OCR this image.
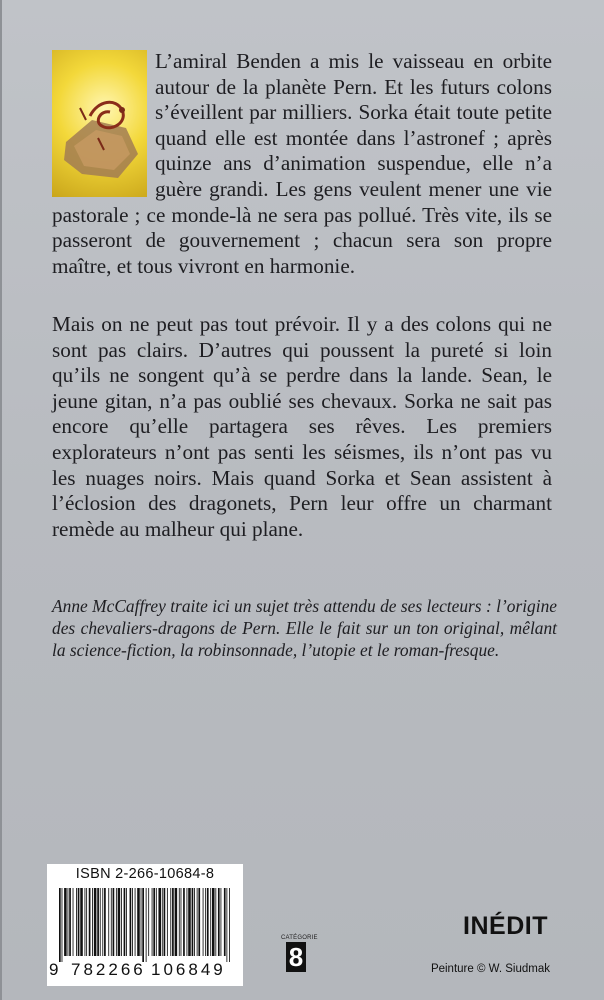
L’amiral Benden a mis le vaisseau en orbite autour de la planète Pern. Et les futurs colons s’éveillent par milliers. Sorka était toute petite quand elle est montée dans l’astronef ; après quinze ans d’animation suspendue, elle n’a guère grandi. Les gens veulent mener une vie pastorale ; ce monde-là ne sera pas pollué. Très vite, ils se passeront de gouvernement ; chacun sera son propre maître, et tous vivront en harmonie.

Mais on ne peut pas tout prévoir. Il y a des colons qui ne sont pas clairs. D’autres qui poussent la pureté si loin qu’ils ne songent qu’à se perdre dans la lande. Sean, le jeune gitan, n’a pas oublié ses chevaux. Sorka ne sait pas encore qu’elle partagera ses rêves. Les premiers explorateurs n’ont pas senti les séismes, ils n’ont pas vu les nuages noirs. Mais quand Sorka et Sean assistent à l’éclosion des dragonets, Pern leur offre un charmant remède au malheur qui plane.

Anne McCaffrey traite ici un sujet très attendu de ses lecteurs : l’origine des chevaliers-dragons de Pern. Elle le fait sur un ton original, mêlant la science-fiction, la robinsonnade, l’utopie et le roman-fresque.

ISBN 2-266-10684-8
9 782266 106849
CATÉGORIE
8
INÉDIT
Peinture © W. Siudmak
